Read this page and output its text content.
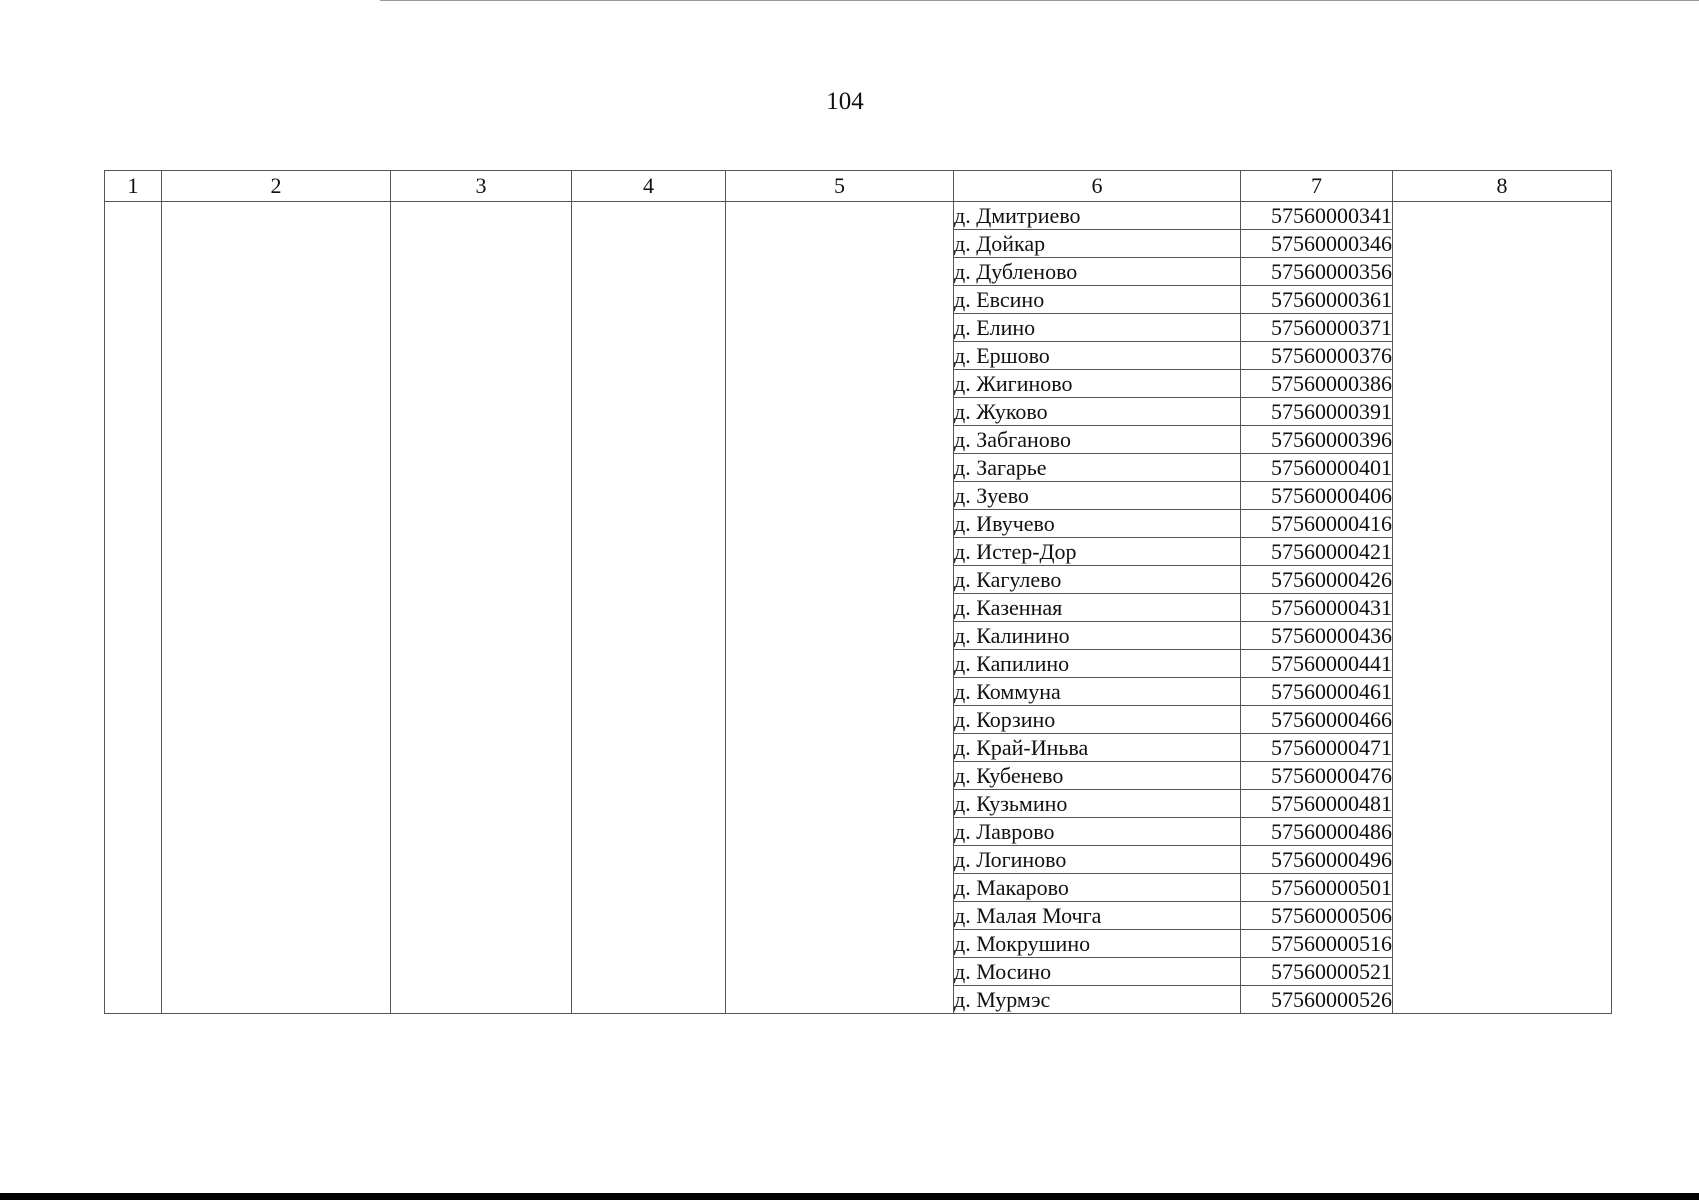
104
1	2	3	4	5	6	7	8
					д. Дмитриево	57560000341	
					д. Дойкар	57560000346	
					д. Дубленово	57560000356	
					д. Евсино	57560000361	
					д. Елино	57560000371	
					д. Ершово	57560000376	
					д. Жигиново	57560000386	
					д. Жуково	57560000391	
					д. Забганово	57560000396	
					д. Загарье	57560000401	
					д. Зуево	57560000406	
					д. Ивучево	57560000416	
					д. Истер-Дор	57560000421	
					д. Кагулево	57560000426	
					д. Казенная	57560000431	
					д. Калинино	57560000436	
					д. Капилино	57560000441	
					д. Коммуна	57560000461	
					д. Корзино	57560000466	
					д. Край-Иньва	57560000471	
					д. Кубенево	57560000476	
					д. Кузьмино	57560000481	
					д. Лаврово	57560000486	
					д. Логиново	57560000496	
					д. Макарово	57560000501	
					д. Малая Мочга	57560000506	
					д. Мокрушино	57560000516	
					д. Мосино	57560000521	
					д. Мурмэс	57560000526	
